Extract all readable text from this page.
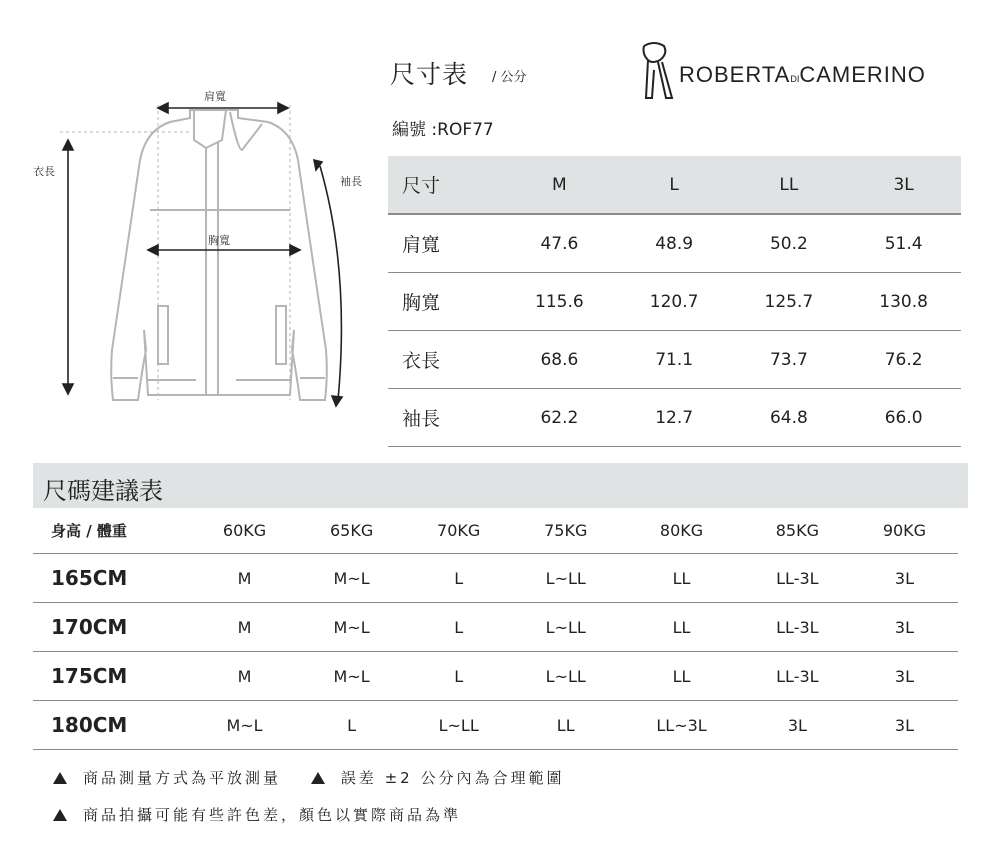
肩寬
胸寬
衣長
袖長
尺寸表 / 公分
編號 :ROF77
ROBERTADICAMERINO
尺寸	M	L	LL	3L
肩寬	47.6	48.9	50.2	51.4
胸寬	115.6	120.7	125.7	130.8
衣長	68.6	71.1	73.7	76.2
袖長	62.2	12.7	64.8	66.0
尺碼建議表
身高 / 體重	60KG	65KG	70KG	75KG	80KG	85KG	90KG
165CM	M	M~L	L	L~LL	LL	LL-3L	3L
170CM	M	M~L	L	L~LL	LL	LL-3L	3L
175CM	M	M~L	L	L~LL	LL	LL-3L	3L
180CM	M~L	L	L~LL	LL	LL~3L	3L	3L
商品測量方式為平放測量	誤差 ±2 公分內為合理範圍
商品拍攝可能有些許色差，顏色以實際商品為準
